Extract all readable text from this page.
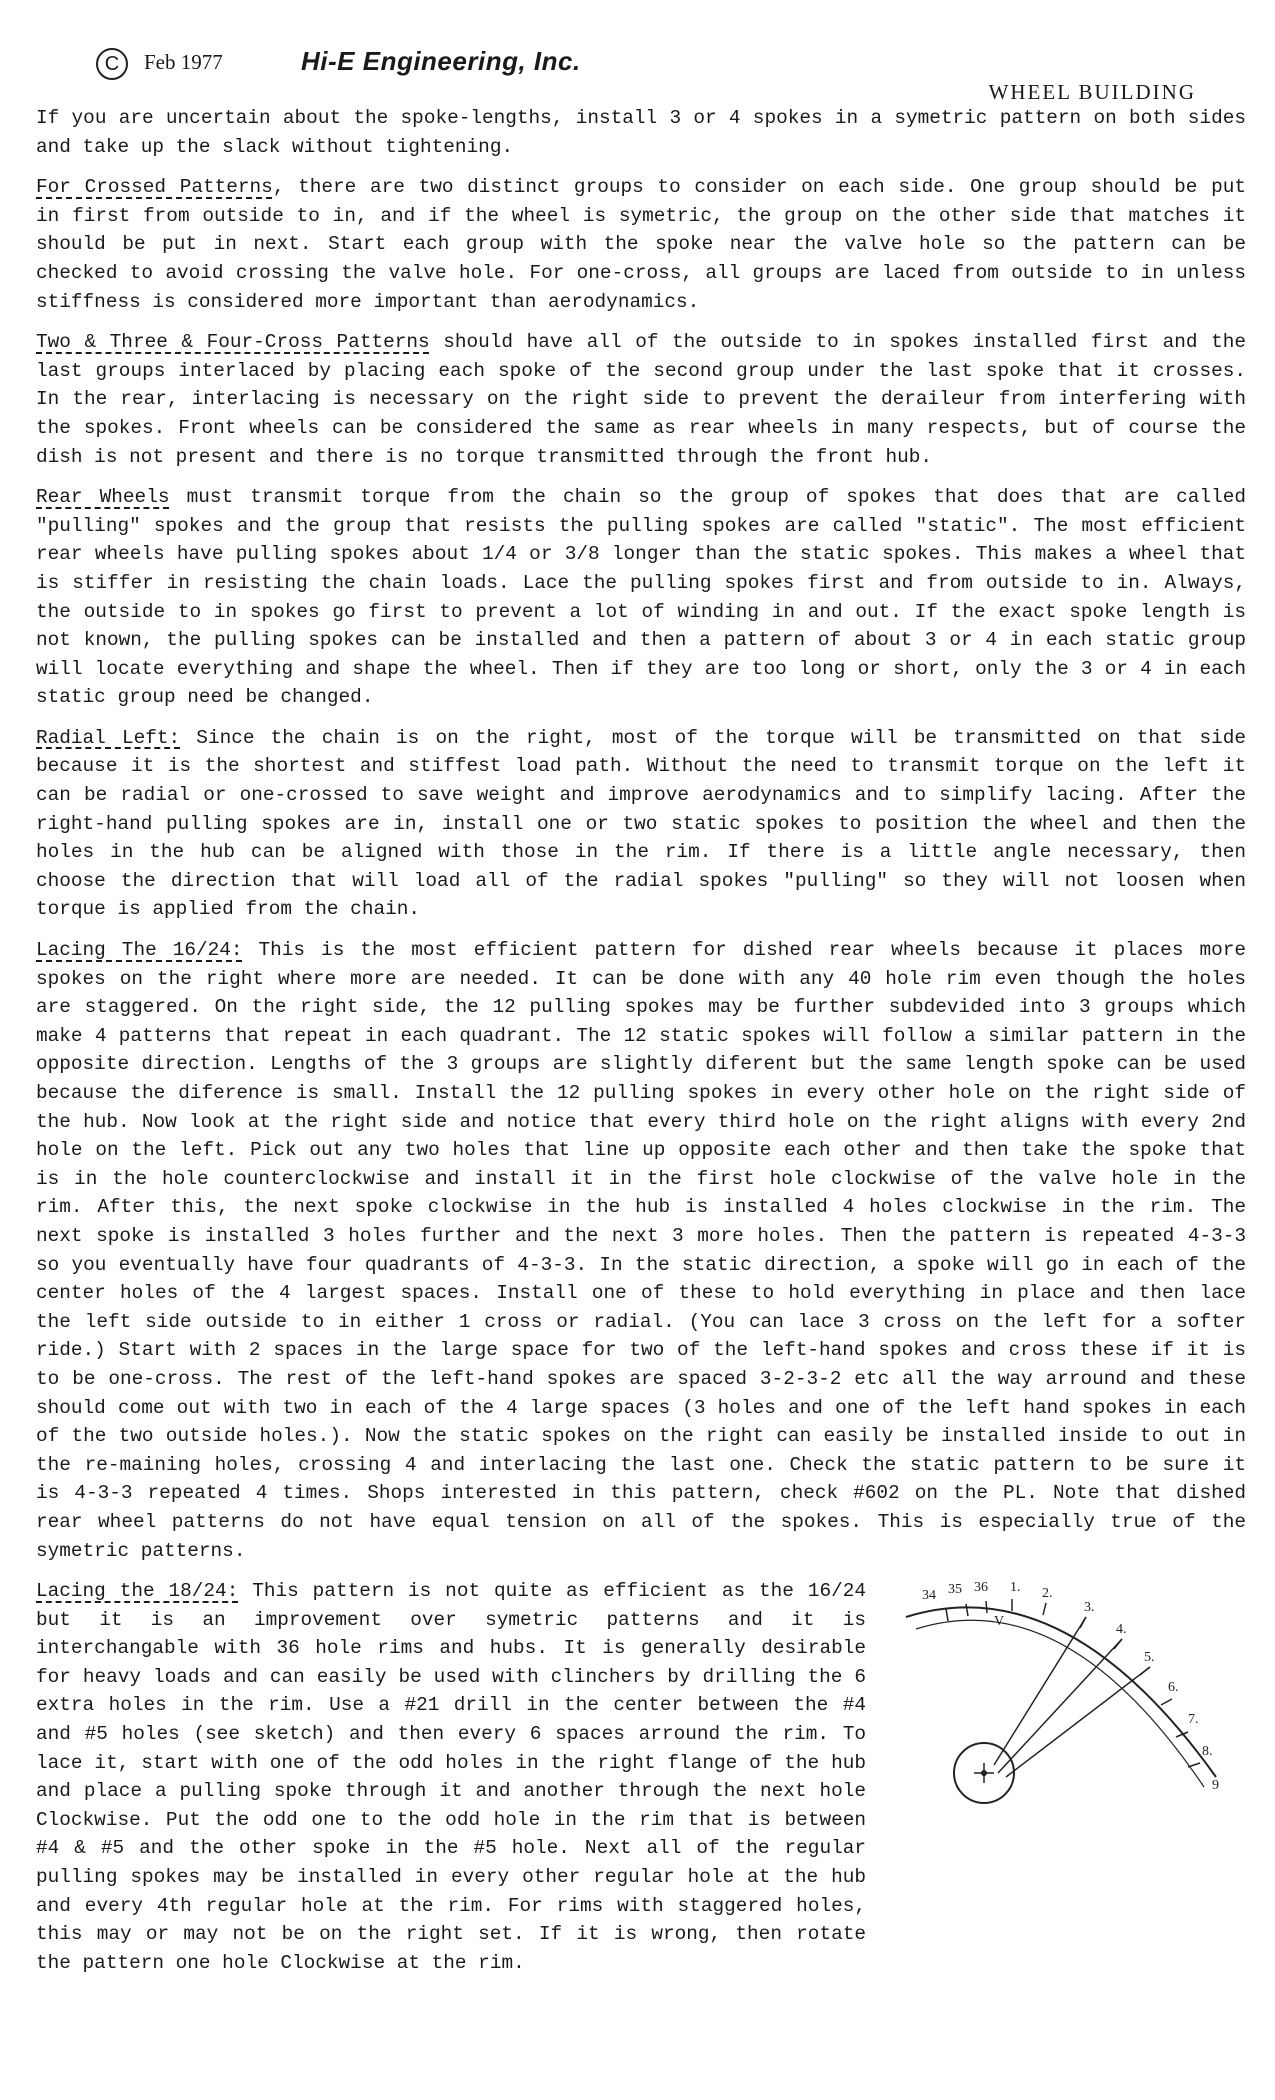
C	Feb 1977	Hi-E Engineering, Inc.
WHEEL BUILDING

If you are uncertain about the spoke-lengths, install 3 or 4 spokes in a symetric pattern on both sides and take up the slack without tightening.

For Crossed Patterns, there are two distinct groups to consider on each side. One group should be put in first from outside to in, and if the wheel is symetric, the group on the other side that matches it should be put in next. Start each group with the spoke near the valve hole so the pattern can be checked to avoid crossing the valve hole. For one-cross, all groups are laced from outside to in unless stiffness is considered more important than aerodynamics.

Two & Three & Four-Cross Patterns should have all of the outside to in spokes installed first and the last groups interlaced by placing each spoke of the second group under the last spoke that it crosses. In the rear, interlacing is necessary on the right side to prevent the deraileur from interfering with the spokes. Front wheels can be considered the same as rear wheels in many respects, but of course the dish is not present and there is no torque transmitted through the front hub.

Rear Wheels must transmit torque from the chain so the group of spokes that does that are called "pulling" spokes and the group that resists the pulling spokes are called "static". The most efficient rear wheels have pulling spokes about 1/4 or 3/8 longer than the static spokes. This makes a wheel that is stiffer in resisting the chain loads. Lace the pulling spokes first and from outside to in. Always, the outside to in spokes go first to prevent a lot of winding in and out. If the exact spoke length is not known, the pulling spokes can be installed and then a pattern of about 3 or 4 in each static group will locate everything and shape the wheel. Then if they are too long or short, only the 3 or 4 in each static group need be changed.

Radial Left: Since the chain is on the right, most of the torque will be transmitted on that side because it is the shortest and stiffest load path. Without the need to transmit torque on the left it can be radial or one-crossed to save weight and improve aerodynamics and to simplify lacing. After the right-hand pulling spokes are in, install one or two static spokes to position the wheel and then the holes in the hub can be aligned with those in the rim. If there is a little angle necessary, then choose the direction that will load all of the radial spokes "pulling" so they will not loosen when torque is applied from the chain.

Lacing The 16/24: This is the most efficient pattern for dished rear wheels because it places more spokes on the right where more are needed. It can be done with any 40 hole rim even though the holes are staggered. On the right side, the 12 pulling spokes may be further subdevided into 3 groups which make 4 patterns that repeat in each quadrant. The 12 static spokes will follow a similar pattern in the opposite direction. Lengths of the 3 groups are slightly diferent but the same length spoke can be used because the diference is small. Install the 12 pulling spokes in every other hole on the right side of the hub. Now look at the right side and notice that every third hole on the right aligns with every 2nd hole on the left. Pick out any two holes that line up opposite each other and then take the spoke that is in the hole counterclockwise and install it in the first hole clockwise of the valve hole in the rim. After this, the next spoke clockwise in the hub is installed 4 holes clockwise in the rim. The next spoke is installed 3 holes further and the next 3 more holes. Then the pattern is repeated 4-3-3 so you eventually have four quadrants of 4-3-3. In the static direction, a spoke will go in each of the center holes of the 4 largest spaces. Install one of these to hold everything in place and then lace the left side outside to in either 1 cross or radial. (You can lace 3 cross on the left for a softer ride.) Start with 2 spaces in the large space for two of the left-hand spokes and cross these if it is to be one-cross. The rest of the left-hand spokes are spaced 3-2-3-2 etc all the way arround and these should come out with two in each of the 4 large spaces (3 holes and one of the left hand spokes in each of the two outside holes.). Now the static spokes on the right can easily be installed inside to out in the re-maining holes, crossing 4 and interlacing the last one. Check the static pattern to be sure it is 4-3-3 repeated 4 times. Shops interested in this pattern, check #602 on the PL. Note that dished rear wheel patterns do not have equal tension on all of the spokes. This is especially true of the symetric patterns.

Lacing the 18/24: This pattern is not quite as efficient as the 16/24 but it is an improvement over symetric patterns and it is interchangable with 36 hole rims and hubs. It is generally desirable for heavy loads and can easily be used with clinchers by drilling the 6 extra holes in the rim. Use a #21 drill in the center between the #4 and #5 holes (see sketch) and then every 6 spaces arround the rim. To lace it, start with one of the odd holes in the right flange of the hub and place a pulling spoke through it and another through the next hole Clockwise. Put the odd one to the odd hole in the rim that is between #4 & #5 and the other spoke in the #5 hole. Next all of the regular pulling spokes may be installed in every other regular hole at the hub and every 4th regular hole at the rim. For rims with staggered holes, this may or may not be on the right set. If it is wrong, then rotate the pattern one hole Clockwise at the rim.

34 35 36 1. 2.
3.
4.
5.
6.
7.
8.
9
V
